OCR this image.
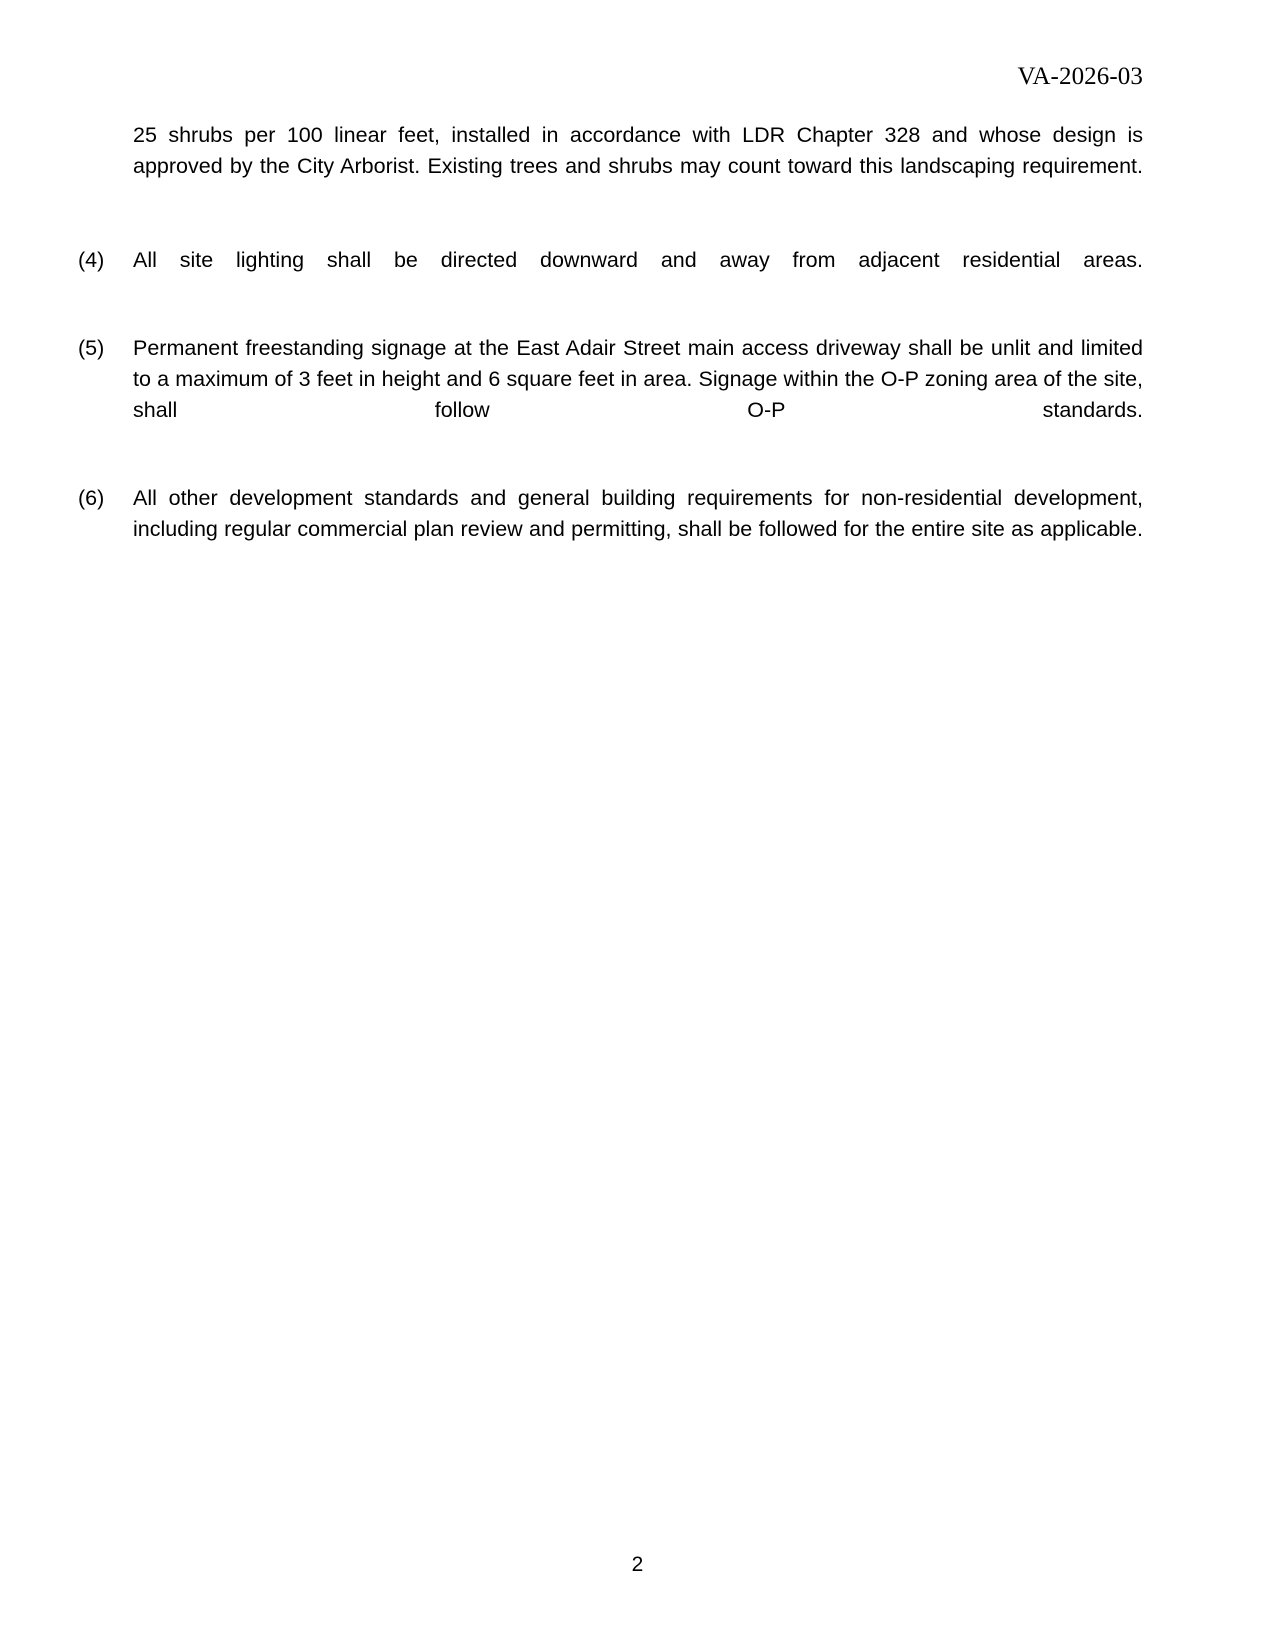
VA-2026-03
25 shrubs per 100 linear feet, installed in accordance with LDR Chapter 328 and whose design is approved by the City Arborist. Existing trees and shrubs may count toward this landscaping requirement.
(4)	All site lighting shall be directed downward and away from adjacent residential areas.
(5)	Permanent freestanding signage at the East Adair Street main access driveway shall be unlit and limited to a maximum of 3 feet in height and 6 square feet in area. Signage within the O-P zoning area of the site, shall follow O-P standards.
(6)	All other development standards and general building requirements for non-residential development, including regular commercial plan review and permitting, shall be followed for the entire site as applicable.
2
